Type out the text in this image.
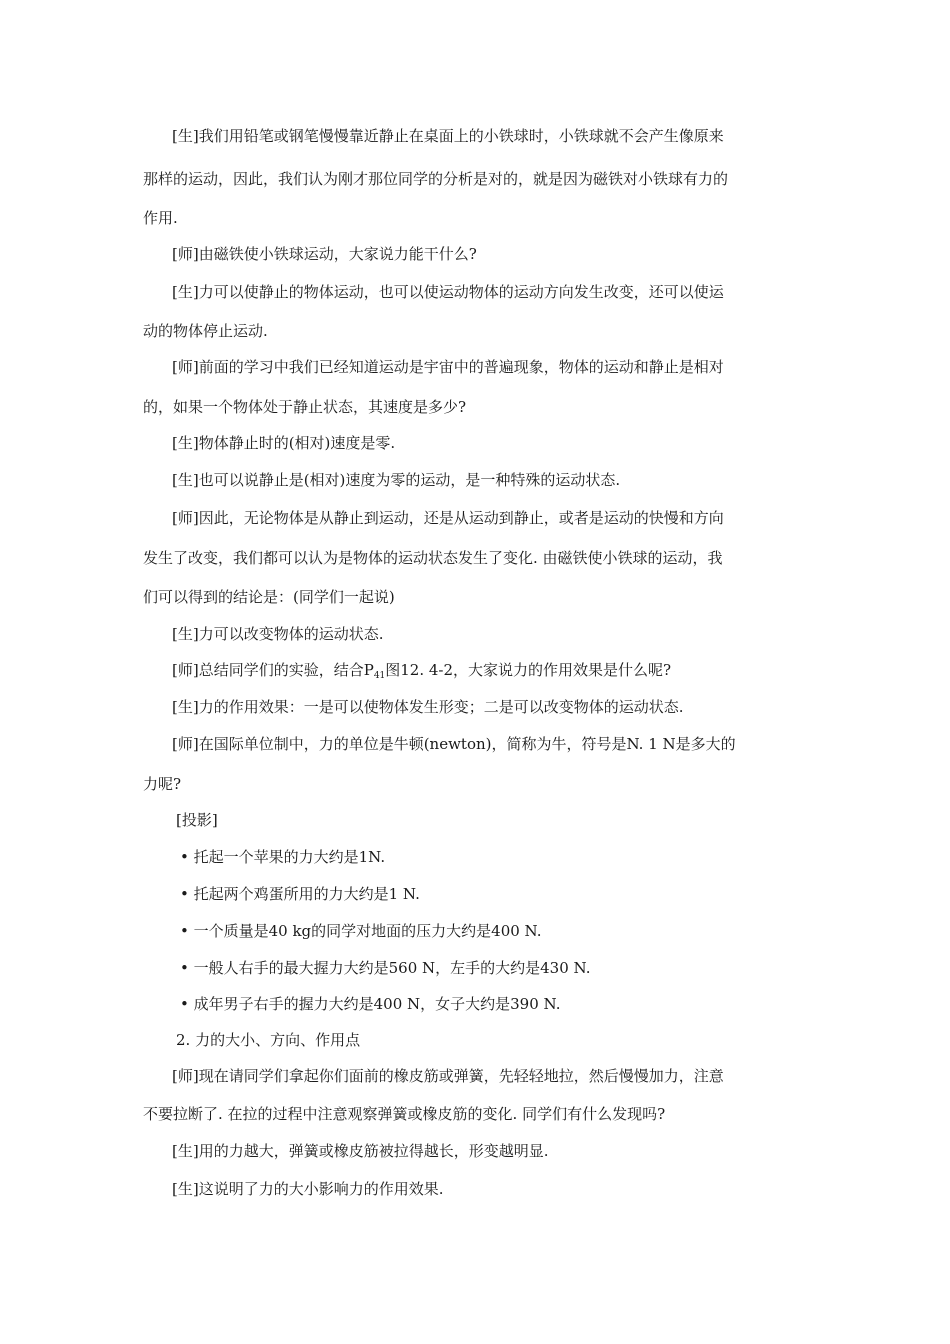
[生]我们用铅笔或钢笔慢慢靠近静止在桌面上的小铁球时，小铁球就不会产生像原来
那样的运动，因此，我们认为刚才那位同学的分析是对的，就是因为磁铁对小铁球有力的
作用.
[师]由磁铁使小铁球运动，大家说力能干什么?
[生]力可以使静止的物体运动，也可以使运动物体的运动方向发生改变，还可以使运
动的物体停止运动.
[师]前面的学习中我们已经知道运动是宇宙中的普遍现象，物体的运动和静止是相对
的，如果一个物体处于静止状态，其速度是多少?
[生]物体静止时的(相对)速度是零.
[生]也可以说静止是(相对)速度为零的运动，是一种特殊的运动状态.
[师]因此，无论物体是从静止到运动，还是从运动到静止，或者是运动的快慢和方向
发生了改变，我们都可以认为是物体的运动状态发生了变化. 由磁铁使小铁球的运动，我
们可以得到的结论是：(同学们一起说)
[生]力可以改变物体的运动状态.
[师]总结同学们的实验，结合$P_{41}$图12. 4-2，大家说力的作用效果是什么呢?
[生]力的作用效果：一是可以使物体发生形变；二是可以改变物体的运动状态.
[师]在国际单位制中，力的单位是牛顿(newton)，简称为牛，符号是N. 1 N是多大的
力呢?
[投影]
• 托起一个苹果的力大约是1N.
• 托起两个鸡蛋所用的力大约是1 N.
• 一个质量是40 kg的同学对地面的压力大约是400 N.
• 一般人右手的最大握力大约是560 N，左手的大约是430 N.
• 成年男子右手的握力大约是400 N，女子大约是390 N.
2. 力的大小、方向、作用点
[师]现在请同学们拿起你们面前的橡皮筋或弹簧，先轻轻地拉，然后慢慢加力，注意
不要拉断了. 在拉的过程中注意观察弹簧或橡皮筋的变化. 同学们有什么发现吗?
[生]用的力越大，弹簧或橡皮筋被拉得越长，形变越明显.
[生]这说明了力的大小影响力的作用效果.
